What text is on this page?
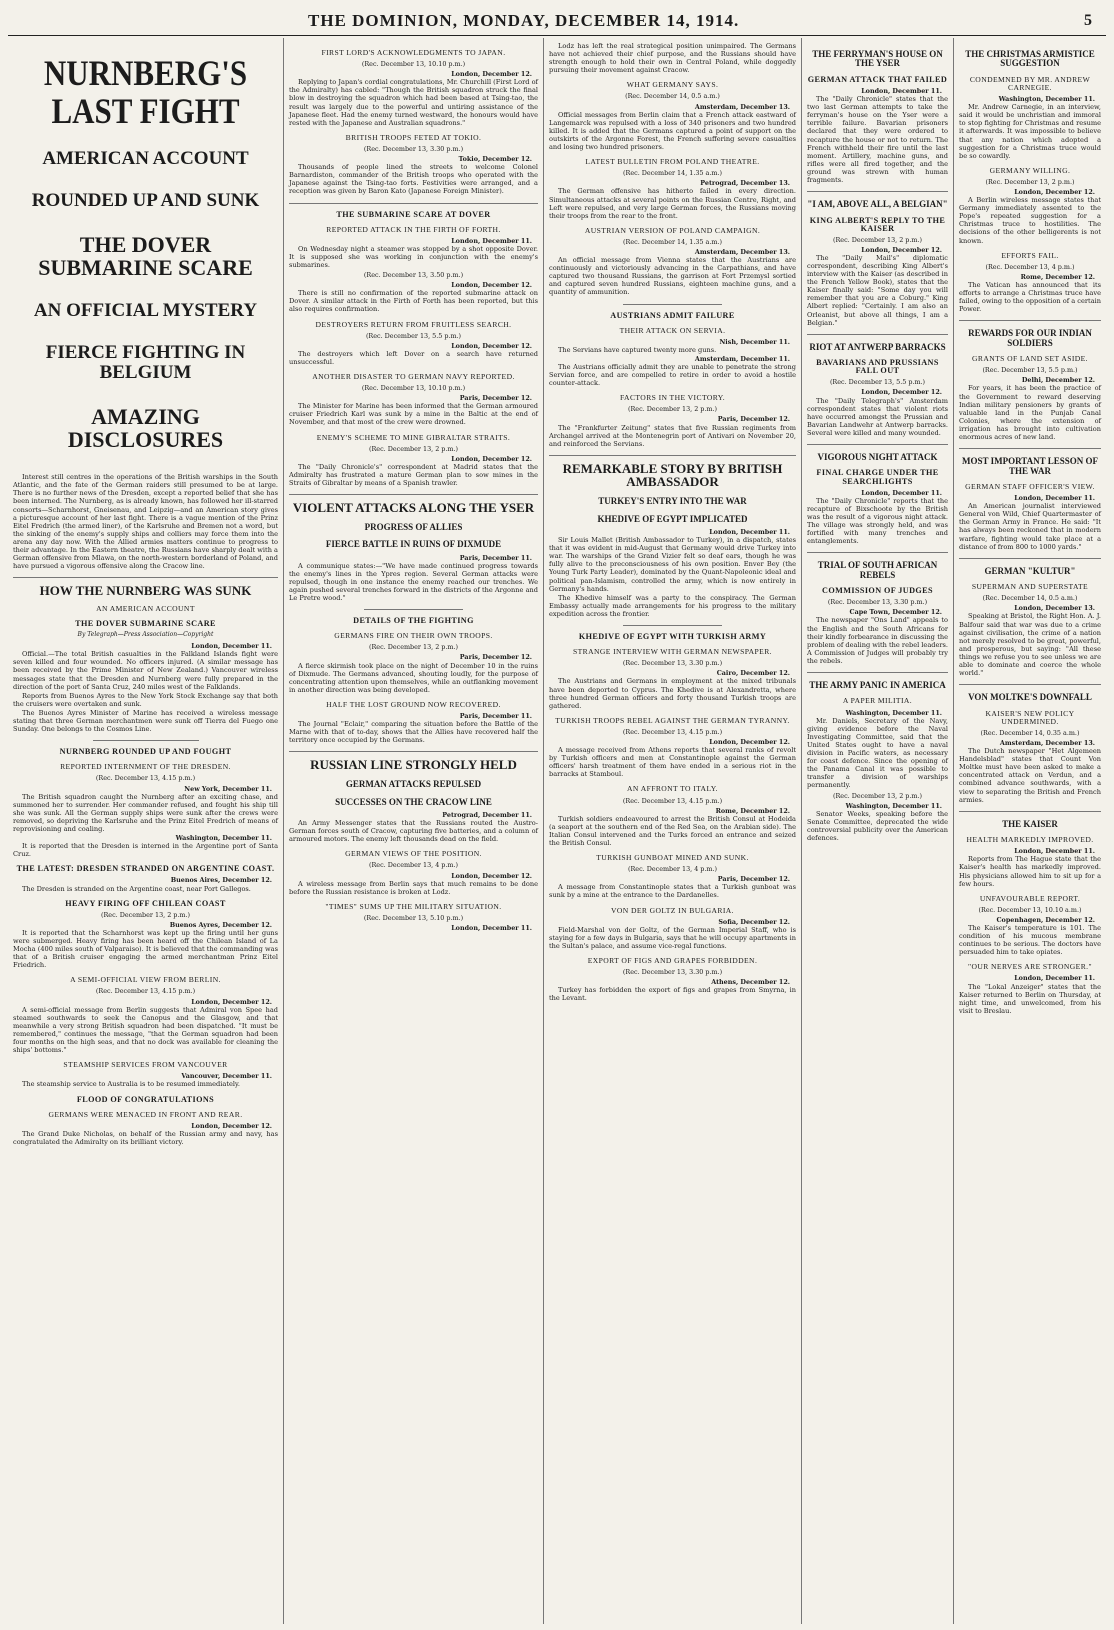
THE DOMINION, MONDAY, DECEMBER 14, 1914.	5
NURNBERG'S LAST FIGHT
AMERICAN ACCOUNT
ROUNDED UP AND SUNK
THE DOVER SUBMARINE SCARE
AN OFFICIAL MYSTERY
FIERCE FIGHTING IN BELGIUM
AMAZING DISCLOSURES

Interest still centres in the operations of the British warships in the South Atlantic, and the fate of the German raiders still presumed to be at large. There is no further news of the Dresden, except a reported belief that she has been interned. The Nurnberg, as is already known, has followed her ill-starred consorts—Scharnhorst, Gneisenau, and Leipzig—and an American story gives a picturesque account of her last fight. There is a vague mention of the Prinz Eitel Fredrich (the armed liner), of the Karlsruhe and Bremen not a word, but the sinking of the enemy's supply ships and colliers may force them into the arena any day now. With the Allied armies matters continue to progress to their advantage. In the Eastern theatre, the Russians have sharply dealt with a German offensive from Mlawa, on the north-western borderland of Poland, and have pursued a vigorous offensive along the Cracow line.

HOW THE NURNBERG WAS SUNK
AN AMERICAN ACCOUNT
THE DOVER SUBMARINE SCARE
By Telegraph—Press Association—Copyright
London, December 11.

Official.—The total British casualties in the Falkland Islands fight were seven killed and four wounded. No officers injured. (A similar message has been received by the Prime Minister of New Zealand.) Vancouver wireless messages state that the Dresden and Nurnberg were fully prepared in the direction of the port of Santa Cruz, 240 miles west of the Falklands.

Reports from Buenos Ayres to the New York Stock Exchange say that both the cruisers were overtaken and sunk.

The Buenos Ayres Minister of Marine has received a wireless message stating that three German merchantmen were sunk off Tierra del Fuego one Sunday. One belongs to the Cosmos Line.

NURNBERG ROUNDED UP AND FOUGHT
REPORTED INTERNMENT OF THE DRESDEN.
(Rec. December 13, 4.15 p.m.)
New York, December 11.

The British squadron caught the Nurnberg after an exciting chase, and summoned her to surrender. Her commander refused, and fought his ship till she was sunk. All the German supply ships were sunk after the crews were removed, so depriving the Karlsruhe and the Prinz Eitel Fredrich of means of reprovisioning and coaling.

Washington, December 11.

It is reported that the Dresden is interned in the Argentine port of Santa Cruz.

THE LATEST: DRESDEN STRANDED ON ARGENTINE COAST.
Buenos Aires, December 12.

The Dresden is stranded on the Argentine coast, near Port Gallegos.

HEAVY FIRING OFF CHILEAN COAST
(Rec. December 13, 2 p.m.)
Buenos Ayres, December 12.

It is reported that the Scharnhorst was kept up the firing until her guns were submerged. Heavy firing has been heard off the Chilean Island of La Mocha (400 miles south of Valparaiso). It is believed that the commanding was that of a British cruiser engaging the armed merchantman Prinz Eitel Friedrich.

A SEMI-OFFICIAL VIEW FROM BERLIN.
(Rec. December 13, 4.15 p.m.)
London, December 12.

A semi-official message from Berlin suggests that Admiral von Spee had steamed southwards to seek the Canopus and the Glasgow, and that meanwhile a very strong British squadron had been dispatched. "It must be remembered," continues the message, "that the German squadron had been four months on the high seas, and that no dock was available for cleaning the ships' bottoms."

STEAMSHIP SERVICES FROM VANCOUVER
Vancouver, December 11.

The steamship service to Australia is to be resumed immediately.

FLOOD OF CONGRATULATIONS
GERMANS WERE MENACED IN FRONT AND REAR.
London, December 12.

The Grand Duke Nicholas, on behalf of the Russian army and navy, has congratulated the Admiralty on its brilliant victory.

FIRST LORD'S ACKNOWLEDGMENTS TO JAPAN.
(Rec. December 13, 10.10 p.m.)
London, December 12.

Replying to Japan's cordial congratulations, Mr. Churchill (First Lord of the Admiralty) has cabled: "Though the British squadron struck the final blow in destroying the squadron which had been based at Tsing-tao, the result was largely due to the powerful and untiring assistance of the Japanese fleet. Had the enemy turned westward, the honours would have rested with the Japanese and Australian squadrons."

BRITISH TROOPS FETED AT TOKIO.
(Rec. December 13, 3.30 p.m.)
Tokio, December 12.

Thousands of people lined the streets to welcome Colonel Barnardiston, commander of the British troops who operated with the Japanese against the Tsing-tao forts. Festivities were arranged, and a reception was given by Baron Kato (Japanese Foreign Minister).

THE SUBMARINE SCARE AT DOVER
REPORTED ATTACK IN THE FIRTH OF FORTH.
London, December 11.

On Wednesday night a steamer was stopped by a shot opposite Dover. It is supposed she was working in conjunction with the enemy's submarines.

(Rec. December 13, 3.50 p.m.)
London, December 12.

There is still no confirmation of the reported submarine attack on Dover. A similar attack in the Firth of Forth has been reported, but this also requires confirmation.

DESTROYERS RETURN FROM FRUITLESS SEARCH.
(Rec. December 13, 5.5 p.m.)
London, December 12.

The destroyers which left Dover on a search have returned unsuccessful.

ANOTHER DISASTER TO GERMAN NAVY REPORTED.
(Rec. December 13, 10.10 p.m.)
Paris, December 12.

The Minister for Marine has been informed that the German armoured cruiser Friedrich Karl was sunk by a mine in the Baltic at the end of November, and that most of the crew were drowned.

ENEMY'S SCHEME TO MINE GIBRALTAR STRAITS.
(Rec. December 13, 2 p.m.)
London, December 12.

The "Daily Chronicle's" correspondent at Madrid states that the Admiralty has frustrated a mature German plan to sow mines in the Straits of Gibraltar by means of a Spanish trawler.

VIOLENT ATTACKS ALONG THE YSER
PROGRESS OF ALLIES
FIERCE BATTLE IN RUINS OF DIXMUDE
Paris, December 11.

A communique states:—"We have made continued progress towards the enemy's lines in the Ypres region. Several German attacks were repulsed, though in one instance the enemy reached our trenches. We again pushed several trenches forward in the districts of the Argonne and Le Pretre wood."

DETAILS OF THE FIGHTING
GERMANS FIRE ON THEIR OWN TROOPS.
(Rec. December 13, 2 p.m.)
Paris, December 12.

A fierce skirmish took place on the night of December 10 in the ruins of Dixmude. The Germans advanced, shouting loudly, for the purpose of concentrating attention upon themselves, while an outflanking movement in another direction was being developed.

HALF THE LOST GROUND NOW RECOVERED.
Paris, December 11.

The Journal "Eclair," comparing the situation before the Battle of the Marne with that of to-day, shows that the Allies have recovered half the territory once occupied by the Germans.

RUSSIAN LINE STRONGLY HELD
GERMAN ATTACKS REPULSED
SUCCESSES ON THE CRACOW LINE
Petrograd, December 11.

An Army Messenger states that the Russians routed the Austro-German forces south of Cracow, capturing five batteries, and a column of armoured motors. The enemy left thousands dead on the field.

GERMAN VIEWS OF THE POSITION.
(Rec. December 13, 4 p.m.)
London, December 12.

A wireless message from Berlin says that much remains to be done before the Russian resistance is broken at Lodz.

"TIMES" SUMS UP THE MILITARY SITUATION.
(Rec. December 13, 5.10 p.m.)
London, December 11.

Lodz has left the real strategical position unimpaired. The Germans have not achieved their chief purpose, and the Russians should have strength enough to hold their own in Central Poland, while doggedly pursuing their movement against Cracow.

WHAT GERMANY SAYS.
(Rec. December 14, 0.5 a.m.)
Amsterdam, December 13.

Official messages from Berlin claim that a French attack eastward of Langemarck was repulsed with a loss of 340 prisoners and two hundred killed. It is added that the Germans captured a point of support on the outskirts of the Argonne Forest, the French suffering severe casualties and losing two hundred prisoners.

LATEST BULLETIN FROM POLAND THEATRE.
(Rec. December 14, 1.35 a.m.)
Petrograd, December 13.

The German offensive has hitherto failed in every direction. Simultaneous attacks at several points on the Russian Centre, Right, and Left were repulsed, and very large German forces, the Russians moving their troops from the rear to the front.

AUSTRIAN VERSION OF POLAND CAMPAIGN.
(Rec. December 14, 1.35 a.m.)
Amsterdam, December 13.

An official message from Vienna states that the Austrians are continuously and victoriously advancing in the Carpathians, and have captured two thousand Russians, the garrison at Fort Przemysl sortied and captured seven hundred Russians, eighteen machine guns, and a quantity of ammunition.

AUSTRIANS ADMIT FAILURE
THEIR ATTACK ON SERVIA.
Nish, December 11.

The Servians have captured twenty more guns.

Amsterdam, December 11.

The Austrians officially admit they are unable to penetrate the strong Servian force, and are compelled to retire in order to avoid a hostile counter-attack.

FACTORS IN THE VICTORY.
(Rec. December 13, 2 p.m.)
Paris, December 12.

The "Frankfurter Zeitung" states that five Russian regiments from Archangel arrived at the Montenegrin port of Antivari on November 20, and reinforced the Servians.

REMARKABLE STORY BY BRITISH AMBASSADOR
TURKEY'S ENTRY INTO THE WAR
KHEDIVE OF EGYPT IMPLICATED
London, December 11.

Sir Louis Mallet (British Ambassador to Turkey), in a dispatch, states that it was evident in mid-August that Germany would drive Turkey into war. The warships of the Grand Vizier felt so deaf ears, though he was fully alive to the preconsciousness of his own position. Enver Bey (the Young Turk Party Leader), dominated by the Quant-Napoleonic ideal and political pan-Islamism, controlled the army, which is now entirely in Germany's hands.

The Khedive himself was a party to the conspiracy. The German Embassy actually made arrangements for his progress to the military expedition across the frontier.

KHEDIVE OF EGYPT WITH TURKISH ARMY
STRANGE INTERVIEW WITH GERMAN NEWSPAPER.
(Rec. December 13, 3.30 p.m.)
Cairo, December 12.

The Austrians and Germans in employment at the mixed tribunals have been deported to Cyprus. The Khedive is at Alexandretta, where three hundred German officers and forty thousand Turkish troops are gathered.

TURKISH TROOPS REBEL AGAINST THE GERMAN TYRANNY.
(Rec. December 13, 4.15 p.m.)
London, December 12.

A message received from Athens reports that several ranks of revolt by Turkish officers and men at Constantinople against the German officers' harsh treatment of them have ended in a serious riot in the barracks at Stamboul.

AN AFFRONT TO ITALY.
(Rec. December 13, 4.15 p.m.)
Rome, December 12.

Turkish soldiers endeavoured to arrest the British Consul at Hodeida (a seaport at the southern end of the Red Sea, on the Arabian side). The Italian Consul intervened and the Turks forced an entrance and seized the British Consul.

TURKISH GUNBOAT MINED AND SUNK.
(Rec. December 13, 4 p.m.)
Paris, December 12.

A message from Constantinople states that a Turkish gunboat was sunk by a mine at the entrance to the Dardanelles.

VON DER GOLTZ IN BULGARIA.
Sofia, December 12.

Field-Marshal von der Goltz, of the German Imperial Staff, who is staying for a few days in Bulgaria, says that he will occupy apartments in the Sultan's palace, and assume vice-regal functions.

EXPORT OF FIGS AND GRAPES FORBIDDEN.
(Rec. December 13, 3.30 p.m.)
Athens, December 12.

Turkey has forbidden the export of figs and grapes from Smyrna, in the Levant.

THE FERRYMAN'S HOUSE ON THE YSER
GERMAN ATTACK THAT FAILED
London, December 11.

The "Daily Chronicle" states that the two last German attempts to take the ferryman's house on the Yser were a terrible failure. Bavarian prisoners declared that they were ordered to recapture the house or not to return. The French withheld their fire until the last moment. Artillery, machine guns, and rifles were all fired together, and the ground was strewn with human fragments.

"I AM, ABOVE ALL, A BELGIAN"
KING ALBERT'S REPLY TO THE KAISER
(Rec. December 13, 2 p.m.)
London, December 12.

The "Daily Mail's" diplomatic correspondent, describing King Albert's interview with the Kaiser (as described in the French Yellow Book), states that the Kaiser finally said: "Some day you will remember that you are a Coburg." King Albert replied: "Certainly. I am also an Orleanist, but above all things, I am a Belgian."

RIOT AT ANTWERP BARRACKS
BAVARIANS AND PRUSSIANS FALL OUT
(Rec. December 13, 5.5 p.m.)
London, December 12.

The "Daily Telegraph's" Amsterdam correspondent states that violent riots have occurred amongst the Prussian and Bavarian Landwehr at Antwerp barracks. Several were killed and many wounded.

VIGOROUS NIGHT ATTACK
FINAL CHARGE UNDER THE SEARCHLIGHTS
London, December 11.

The "Daily Chronicle" reports that the recapture of Bixschoote by the British was the result of a vigorous night attack. The village was strongly held, and was fortified with many trenches and entanglements.

TRIAL OF SOUTH AFRICAN REBELS
COMMISSION OF JUDGES
(Rec. December 13, 3.30 p.m.)
Cape Town, December 12.

The newspaper "Ons Land" appeals to the English and the South Africans for their kindly forbearance in discussing the problem of dealing with the rebel leaders. A Commission of Judges will probably try the rebels.

THE ARMY PANIC IN AMERICA
A PAPER MILITIA.
Washington, December 11.

Mr. Daniels, Secretary of the Navy, giving evidence before the Naval Investigating Committee, said that the United States ought to have a naval division in Pacific waters, as necessary for coast defence. Since the opening of the Panama Canal it was possible to transfer a division of warships permanently.

(Rec. December 13, 2 p.m.)
Washington, December 11.

Senator Weeks, speaking before the Senate Committee, deprecated the wide controversial publicity over the American defences.

THE CHRISTMAS ARMISTICE SUGGESTION
CONDEMNED BY MR. ANDREW CARNEGIE.
Washington, December 11.

Mr. Andrew Carnegie, in an interview, said it would be unchristian and immoral to stop fighting for Christmas and resume it afterwards. It was impossible to believe that any nation which adopted a suggestion for a Christmas truce would be so cowardly.

GERMANY WILLING.
(Rec. December 13, 2 p.m.)
London, December 12.

A Berlin wireless message states that Germany immediately assented to the Pope's repeated suggestion for a Christmas truce to hostilities. The decisions of the other belligerents is not known.

EFFORTS FAIL.
(Rec. December 13, 4 p.m.)
Rome, December 12.

The Vatican has announced that its efforts to arrange a Christmas truce have failed, owing to the opposition of a certain Power.

REWARDS FOR OUR INDIAN SOLDIERS
GRANTS OF LAND SET ASIDE.
(Rec. December 13, 5.5 p.m.)
Delhi, December 12.

For years, it has been the practice of the Government to reward deserving Indian military pensioners by grants of valuable land in the Punjab Canal Colonies, where the extension of irrigation has brought into cultivation enormous acres of new land.

MOST IMPORTANT LESSON OF THE WAR
GERMAN STAFF OFFICER'S VIEW.
London, December 11.

An American journalist interviewed General von Wild, Chief Quartermaster of the German Army in France. He said: "It has always been reckoned that in modern warfare, fighting would take place at a distance of from 800 to 1000 yards."

GERMAN "KULTUR"
SUPERMAN AND SUPERSTATE
(Rec. December 14, 0.5 a.m.)
London, December 13.

Speaking at Bristol, the Right Hon. A. J. Balfour said that war was due to a crime against civilisation, the crime of a nation not merely resolved to be great, powerful, and prosperous, but saying: "All these things we refuse you to see unless we are able to dominate and coerce the whole world."

VON MOLTKE'S DOWNFALL
KAISER'S NEW POLICY UNDERMINED.
(Rec. December 14, 0.35 a.m.)
Amsterdam, December 13.

The Dutch newspaper "Het Algemeen Handelsblad" states that Count Von Moltke must have been asked to make a concentrated attack on Verdun, and a combined advance southwards, with a view to separating the British and French armies.

THE KAISER
HEALTH MARKEDLY IMPROVED.
London, December 11.

Reports from The Hague state that the Kaiser's health has markedly improved. His physicians allowed him to sit up for a few hours.

UNFAVOURABLE REPORT.
(Rec. December 13, 10.10 a.m.)
Copenhagen, December 12.

The Kaiser's temperature is 101. The condition of his mucous membrane continues to be serious. The doctors have persuaded him to take opiates.

"OUR NERVES ARE STRONGER."
London, December 11.

The "Lokal Anzeiger" states that the Kaiser returned to Berlin on Thursday, at night time, and unwelcomed, from his visit to Breslau.
